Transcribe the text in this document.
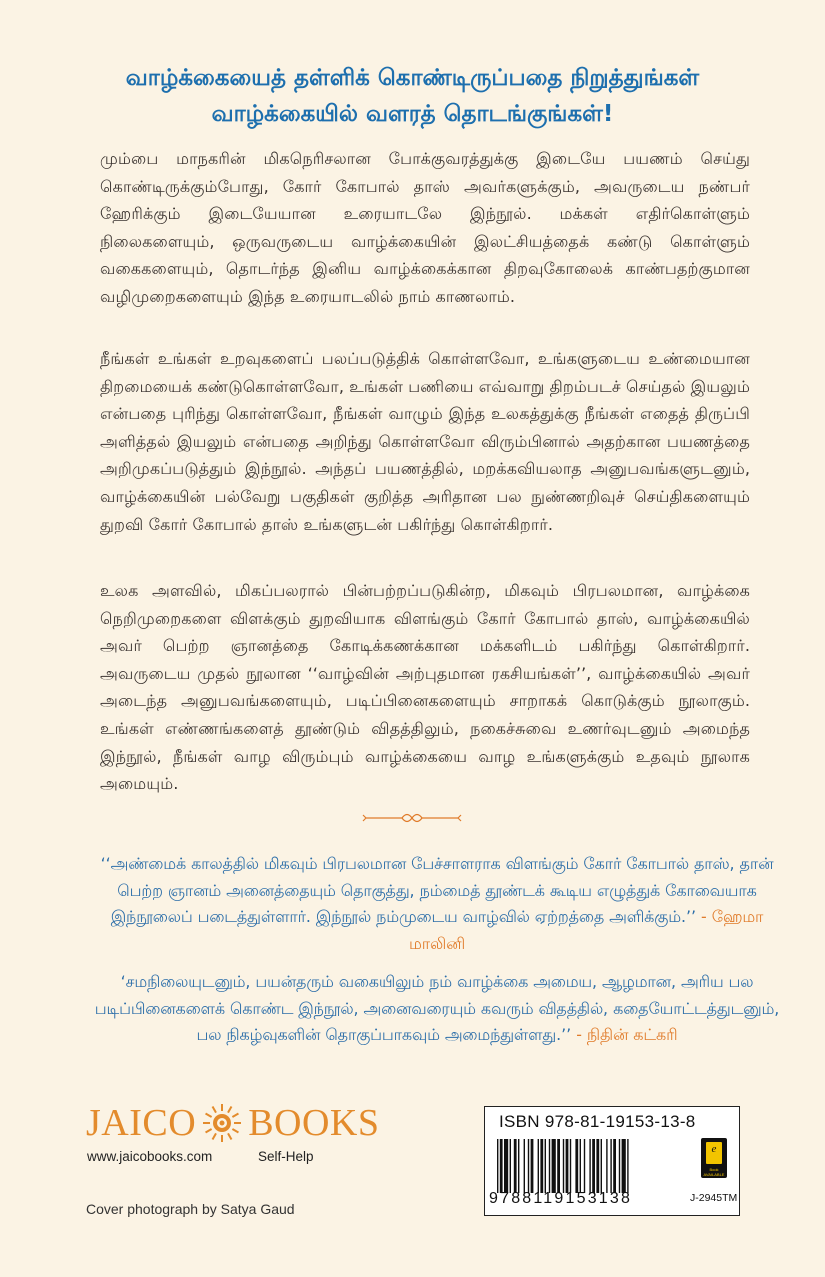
வாழ்க்கையைத் தள்ளிக் கொண்டிருப்பதை நிறுத்துங்கள்
வாழ்க்கையில் வளரத் தொடங்குங்கள்!
மும்பை மாநகரின் மிகநெரிசலான போக்குவரத்துக்கு இடையே பயணம் செய்து கொண்டிருக்கும்போது, கோர் கோபால் தாஸ் அவர்களுக்கும், அவருடைய நண்பர் ஹேரிக்கும் இடையேயான உரையாடலே இந்நூல். மக்கள் எதிர்கொள்ளும் நிலைகளையும், ஒருவருடைய வாழ்க்கையின் இலட்சியத்தைக் கண்டு கொள்ளும் வகைகளையும், தொடர்ந்த இனிய வாழ்க்கைக்கான திறவுகோலைக் காண்பதற்குமான வழிமுறைகளையும் இந்த உரையாடலில் நாம் காணலாம்.
நீங்கள் உங்கள் உறவுகளைப் பலப்படுத்திக் கொள்ளவோ, உங்களுடைய உண்மையான திறமையைக் கண்டுகொள்ளவோ, உங்கள் பணியை எவ்வாறு திறம்படச் செய்தல் இயலும் என்பதை புரிந்து கொள்ளவோ, நீங்கள் வாழும் இந்த உலகத்துக்கு நீங்கள் எதைத் திருப்பி அளித்தல் இயலும் என்பதை அறிந்து கொள்ளவோ விரும்பினால் அதற்கான பயணத்தை அறிமுகப்படுத்தும் இந்நூல். அந்தப் பயணத்தில், மறக்கவியலாத அனுபவங்களுடனும், வாழ்க்கையின் பல்வேறு பகுதிகள் குறித்த அரிதான பல நுண்ணறிவுச் செய்திகளையும் துறவி கோர் கோபால் தாஸ் உங்களுடன் பகிர்ந்து கொள்கிறார்.
உலக அளவில், மிகப்பலரால் பின்பற்றப்படுகின்ற, மிகவும் பிரபலமான, வாழ்க்கை நெறிமுறைகளை விளக்கும் துறவியாக விளங்கும் கோர் கோபால் தாஸ், வாழ்க்கையில் அவர் பெற்ற ஞானத்தை கோடிக்கணக்கான மக்களிடம் பகிர்ந்து கொள்கிறார். அவருடைய முதல் நூலான ‘‘வாழ்வின் அற்புதமான ரகசியங்கள்’’, வாழ்க்கையில் அவர் அடைந்த அனுபவங்களையும், படிப்பினைகளையும் சாறாகக் கொடுக்கும் நூலாகும். உங்கள் எண்ணங்களைத் தூண்டும் விதத்திலும், நகைச்சுவை உணர்வுடனும் அமைந்த இந்நூல், நீங்கள் வாழ விரும்பும் வாழ்க்கையை வாழ உங்களுக்கும் உதவும் நூலாக அமையும்.
‘‘அண்மைக் காலத்தில் மிகவும் பிரபலமான பேச்சாளராக விளங்கும் கோர் கோபால் தாஸ், தான் பெற்ற ஞானம் அனைத்தையும் தொகுத்து, நம்மைத் தூண்டக் கூடிய எழுத்துக் கோவையாக இந்நூலைப் படைத்துள்ளார். இந்நூல் நம்முடைய வாழ்வில் ஏற்றத்தை அளிக்கும்.’’ - ஹேமா மாலினி
‘சமநிலையுடனும், பயன்தரும் வகையிலும் நம் வாழ்க்கை அமைய, ஆழமான, அரிய பல படிப்பினைகளைக் கொண்ட இந்நூல், அனைவரையும் கவரும் விதத்தில், கதையோட்டத்துடனும், பல நிகழ்வுகளின் தொகுப்பாகவும் அமைந்துள்ளது.’’ - நிதின் கட்கரி
JAICO BOOKS
www.jaicobooks.com	Self-Help
Cover photograph by Satya Gaud
ISBN 978-81-19153-13-8
9788119153138
e
Book AVAILABLE
J-2945TM
